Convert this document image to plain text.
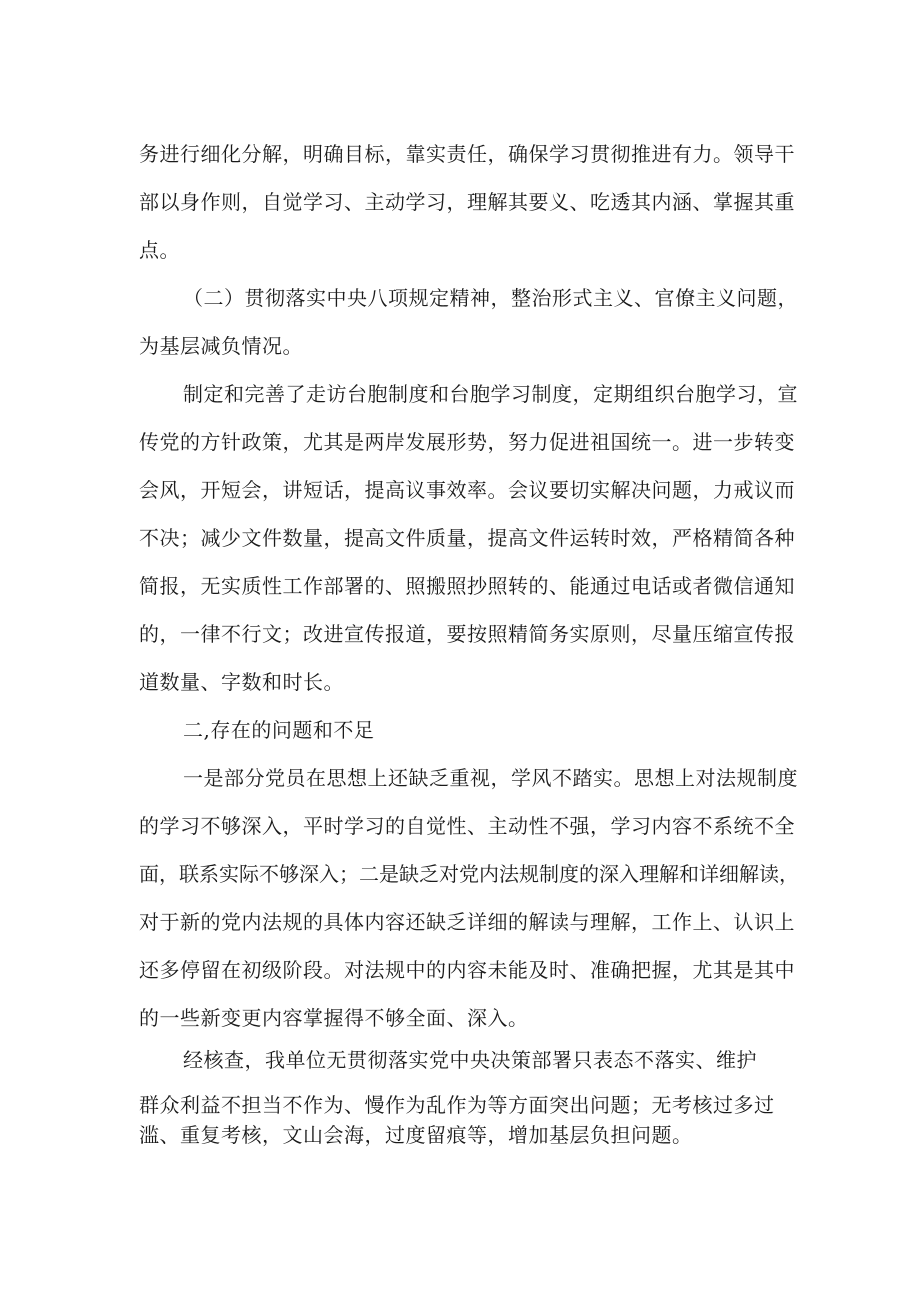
务进行细化分解，明确目标，靠实责任，确保学习贯彻推进有力。领导干
部以身作则，自觉学习、主动学习，理解其要义、吃透其内涵、掌握其重
点。
（二）贯彻落实中央八项规定精神，整治形式主义、官僚主义问题，
为基层减负情况。
制定和完善了走访台胞制度和台胞学习制度，定期组织台胞学习，宣
传党的方针政策，尤其是两岸发展形势，努力促进祖国统一。进一步转变
会风，开短会，讲短话，提高议事效率。会议要切实解决问题，力戒议而
不决；减少文件数量，提高文件质量，提高文件运转时效，严格精简各种
简报，无实质性工作部署的、照搬照抄照转的、能通过电话或者微信通知
的，一律不行文；改进宣传报道，要按照精简务实原则，尽量压缩宣传报
道数量、字数和时长。
二,存在的问题和不足
一是部分党员在思想上还缺乏重视，学风不踏实。思想上对法规制度
的学习不够深入，平时学习的自觉性、主动性不强，学习内容不系统不全
面，联系实际不够深入；二是缺乏对党内法规制度的深入理解和详细解读，
对于新的党内法规的具体内容还缺乏详细的解读与理解，工作上、认识上
还多停留在初级阶段。对法规中的内容未能及时、准确把握，尤其是其中
的一些新变更内容掌握得不够全面、深入。
经核查，我单位无贯彻落实党中央决策部署只表态不落实、维护
群众利益不担当不作为、慢作为乱作为等方面突出问题；无考核过多过
滥、重复考核，文山会海，过度留痕等，增加基层负担问题。
